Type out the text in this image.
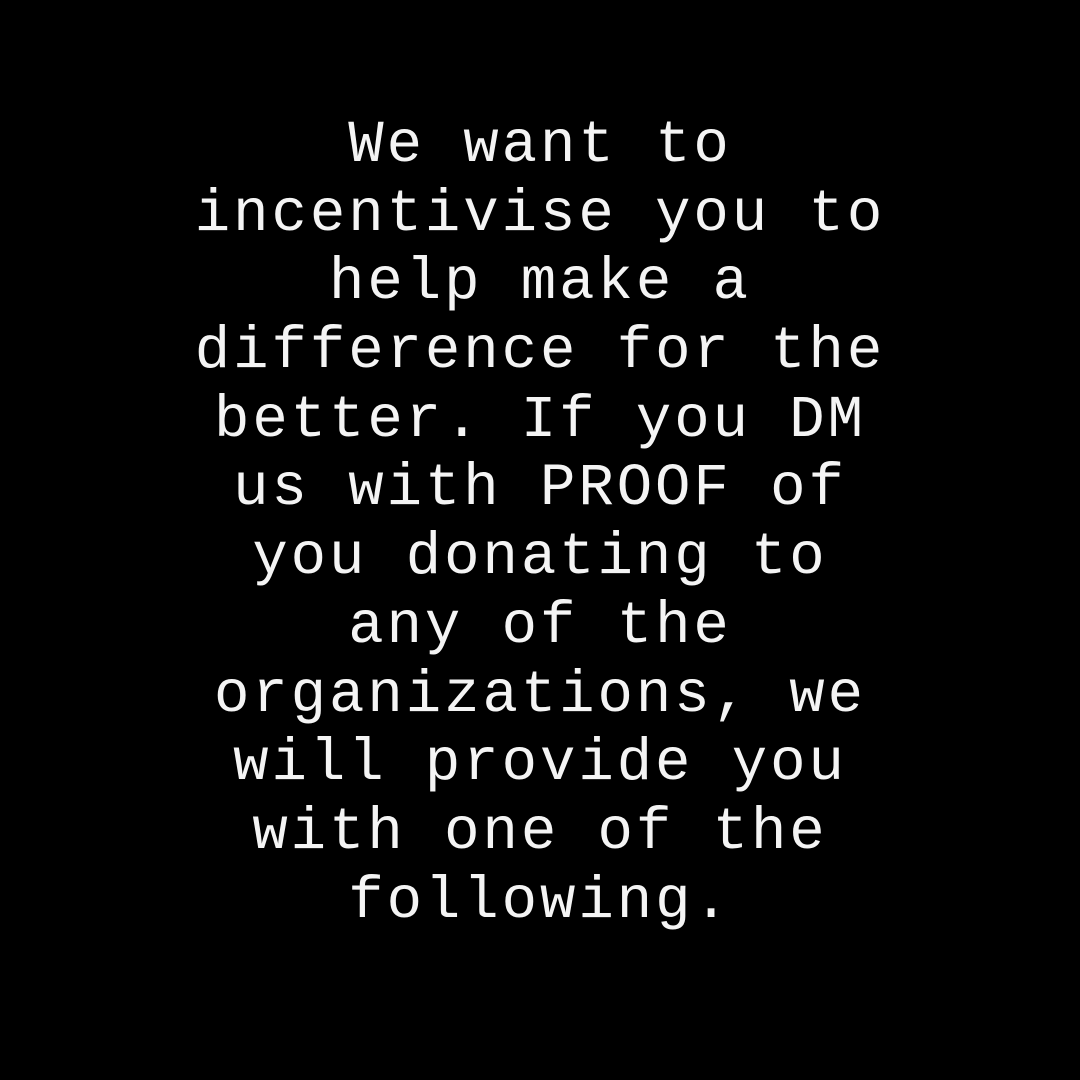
We want to
incentivise you to
help make a
difference for the
better. If you DM
us with PROOF of
you donating to
any of the
organizations, we
will provide you
with one of the
following.
